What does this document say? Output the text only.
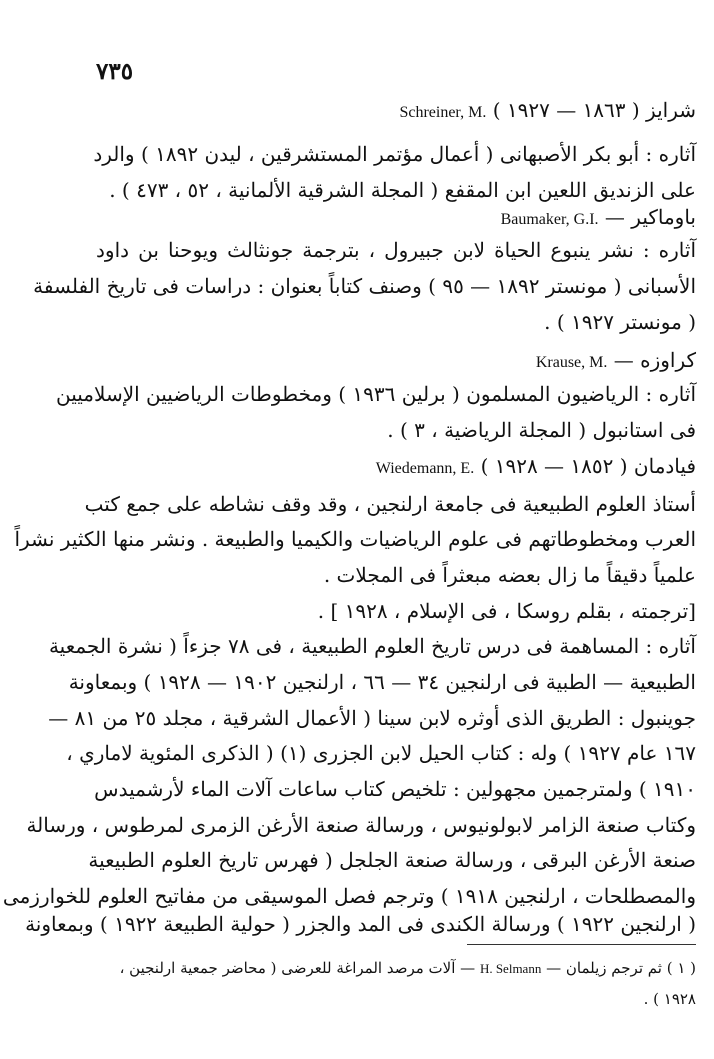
٧٣٥
شرايز ( ١٨٦٣ — ١٩٢٧ ) Schreiner, M.
آثاره : أبو بكر الأصبهانى ( أعمال مؤتمر المستشرقين ، ليدن ١٨٩٢ ) والرد
على الزنديق اللعين ابن المقفع ( المجلة الشرقية الألمانية ، ٥٢ ، ٤٧٣ ) .
باوماكير — Baumaker, G.I.
آثاره : نشر ينبوع الحياة لابن جبيرول ، بترجمة جونثالث ويوحنا بن داود
الأسبانى ( مونستر ١٨٩٢ — ٩٥ ) وصنف كتاباً بعنوان : دراسات فى تاريخ الفلسفة
( مونستر ١٩٢٧ ) .
كراوزه — Krause, M.
آثاره : الرياضيون المسلمون ( برلين ١٩٣٦ ) ومخطوطات الرياضيين الإسلاميين
فى استانبول ( المجلة الرياضية ، ٣ ) .
فيادمان ( ١٨٥٢ — ١٩٢٨ ) Wiedemann, E.
أستاذ العلوم الطبيعية فى جامعة ارلنجين ، وقد وقف نشاطه على جمع كتب
العرب ومخطوطاتهم فى علوم الرياضيات والكيميا والطبيعة . ونشر منها الكثير نشراً
علمياً دقيقاً ما زال بعضه مبعثراً فى المجلات .
[ترجمته ، بقلم روسكا ، فى الإسلام ، ١٩٢٨ ] .
آثاره : المساهمة فى درس تاريخ العلوم الطبيعية ، فى ٧٨ جزءاً ( نشرة الجمعية
الطبيعية — الطبية فى ارلنجين ٣٤ — ٦٦ ، ارلنجين ١٩٠٢ — ١٩٢٨ ) وبمعاونة
جوينبول : الطريق الذى أوثره لابن سينا ( الأعمال الشرقية ، مجلد ٢٥ من ٨١ —
١٦٧ عام ١٩٢٧ ) وله : كتاب الحيل لابن الجزرى (١) ( الذكرى المئوية لاماري ،
١٩١٠ ) ولمترجمين مجهولين : تلخيص كتاب ساعات آلات الماء لأرشميدس
وكتاب صنعة الزامر لابولونيوس ، ورسالة صنعة الأرغن الزمرى لمرطوس ، ورسالة
صنعة الأرغن البرقى ، ورسالة صنعة الجلجل ( فهرس تاريخ العلوم الطبيعية
والمصطلحات ، ارلنجين ١٩١٨ ) وترجم فصل الموسيقى من مفاتيح العلوم للخوارزمى
( ارلنجين ١٩٢٢ ) ورسالة الكندى فى المد والجزر ( حولية الطبيعة ١٩٢٢ ) وبمعاونة
( ١ ) ثم ترجم زيلمان — H. Selmann — آلات مرصد المراغة للعرضى ( محاضر جمعية ارلنجين ،
١٩٢٨ ) .
